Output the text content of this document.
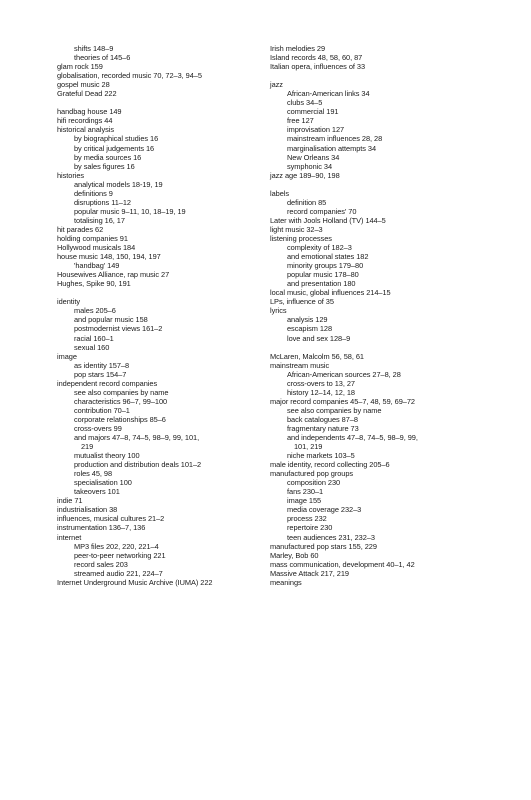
shifts 148–9
theories of 145–6
glam rock 159
globalisation, recorded music 70, 72–3, 94–5
gospel music 28
Grateful Dead 222
handbag house 149
hifi recordings 44
historical analysis
by biographical studies 16
by critical judgements 16
by media sources 16
by sales figures 16
histories
analytical models 18-19, 19
definitions 9
disruptions 11–12
popular music 9–11, 10, 18–19, 19
totalising 16, 17
hit parades 62
holding companies 91
Hollywood musicals 184
house music 148, 150, 194, 197
'handbag' 149
Housewives Alliance, rap music 27
Hughes, Spike 90, 191
identity
males 205–6
and popular music 158
postmodernist views 161–2
racial 160–1
sexual 160
image
as identity 157–8
pop stars 154–7
independent record companies
see also companies by name
characteristics 96–7, 99–100
contribution 70–1
corporate relationships 85–6
cross-overs 99
and majors 47–8, 74–5, 98–9, 99, 101,
219
mutualist theory 100
production and distribution deals 101–2
roles 45, 98
specialisation 100
takeovers 101
indie 71
industrialisation 38
influences, musical cultures 21–2
instrumentation 136–7, 136
internet
MP3 files 202, 220, 221–4
peer-to-peer networking 221
record sales 203
streamed audio 221, 224–7
Internet Underground Music Archive (IUMA) 222
Irish melodies 29
Island records 48, 58, 60, 87
Italian opera, influences of 33
jazz
African-American links 34
clubs 34–5
commercial 191
free 127
improvisation 127
mainstream influences 28, 28
marginalisation attempts 34
New Orleans 34
symphonic 34
jazz age 189–90, 198
labels
definition 85
record companies' 70
Later with Jools Holland (TV) 144–5
light music 32–3
listening processes
complexity of 182–3
and emotional states 182
minority groups 179–80
popular music 178–80
and presentation 180
local music, global influences 214–15
LPs, influence of 35
lyrics
analysis 129
escapism 128
love and sex 128–9
McLaren, Malcolm 56, 58, 61
mainstream music
African-American sources 27–8, 28
cross-overs to 13, 27
history 12–14, 12, 18
major record companies 45–7, 48, 59, 69–72
see also companies by name
back catalogues 87–8
fragmentary nature 73
and independents 47–8, 74–5, 98–9, 99,
101, 219
niche markets 103–5
male identity, record collecting 205–6
manufactured pop groups
composition 230
fans 230–1
image 155
media coverage 232–3
process 232
repertoire 230
teen audiences 231, 232–3
manufactured pop stars 155, 229
Marley, Bob 60
mass communication, development 40–1, 42
Massive Attack 217, 219
meanings
